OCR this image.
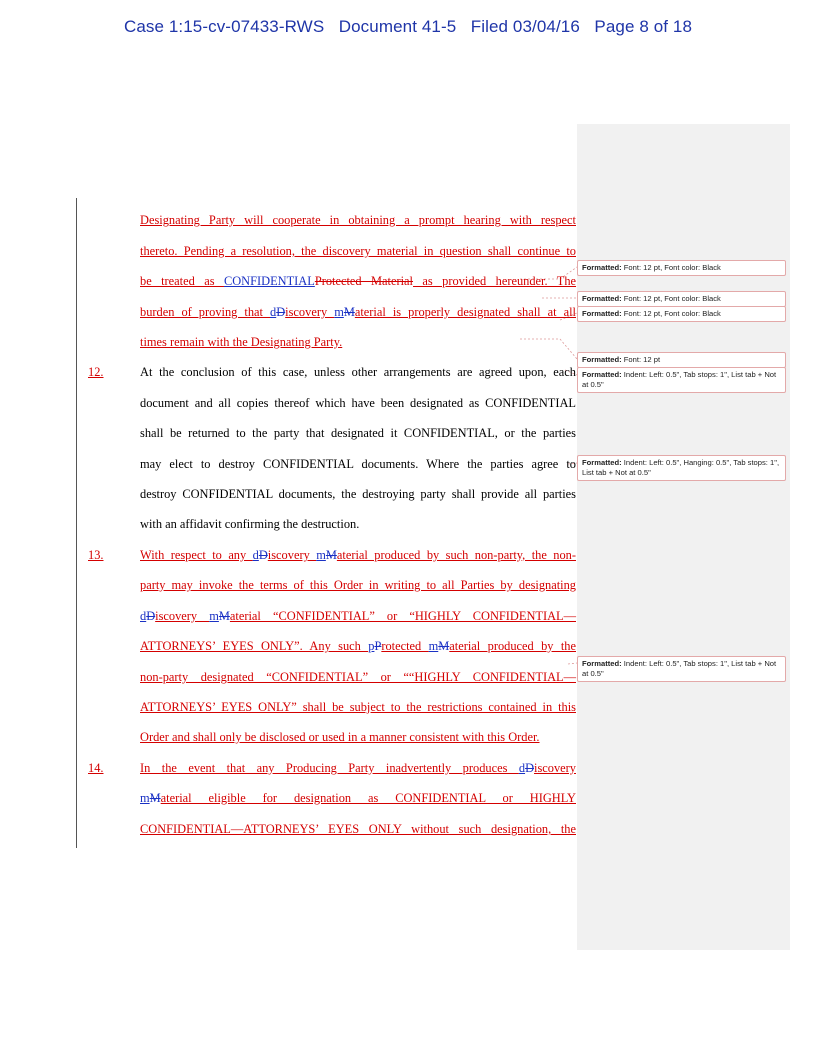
Case 1:15-cv-07433-RWS Document 41-5 Filed 03/04/16 Page 8 of 18
Designating Party will cooperate in obtaining a prompt hearing with respect
thereto. Pending a resolution, the discovery material in question shall continue to
be treated as CONFIDENTIALProtected Material as provided hereunder. The
burden of proving that dDiscovery mMaterial is properly designated shall at all
times remain with the Designating Party.
12.	At the conclusion of this case, unless other arrangements are agreed upon, each
document and all copies thereof which have been designated as CONFIDENTIAL
shall be returned to the party that designated it CONFIDENTIAL, or the parties
may elect to destroy CONFIDENTIAL documents. Where the parties agree to
destroy CONFIDENTIAL documents, the destroying party shall provide all parties
with an affidavit confirming the destruction.
13.	With respect to any dDiscovery mMaterial produced by such non-party, the non-
party may invoke the terms of this Order in writing to all Parties by designating
dDiscovery mMaterial “CONFIDENTIAL” or “HIGHLY CONFIDENTIAL—
ATTORNEYS’ EYES ONLY”. Any such pProtected mMaterial produced by the
non-party designated “CONFIDENTIAL” or ““HIGHLY CONFIDENTIAL—
ATTORNEYS’ EYES ONLY” shall be subject to the restrictions contained in this
Order and shall only be disclosed or used in a manner consistent with this Order.
14.	In the event that any Producing Party inadvertently produces dDiscovery
mMaterial eligible for designation as CONFIDENTIAL or HIGHLY
CONFIDENTIAL—ATTORNEYS’ EYES ONLY without such designation, the
Formatted: Font: 12 pt, Font color: Black
Formatted: Font: 12 pt, Font color: Black
Formatted: Font: 12 pt, Font color: Black
Formatted: Font: 12 pt
Formatted: Indent: Left: 0.5", Tab stops: 1", List tab + Not at 0.5"
Formatted: Indent: Left: 0.5", Hanging: 0.5", Tab stops: 1", List tab + Not at 0.5"
Formatted: Indent: Left: 0.5", Tab stops: 1", List tab + Not at 0.5"
